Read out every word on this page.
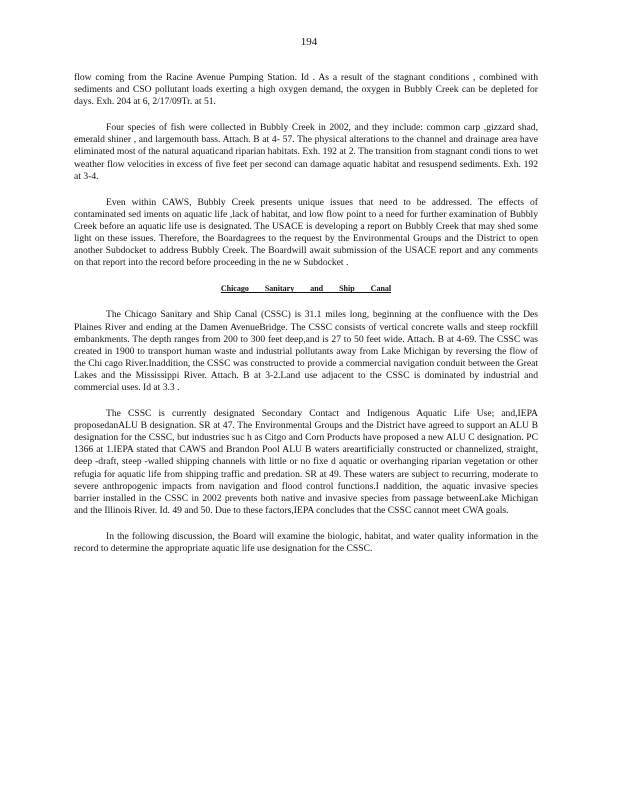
194

flow coming from the Racine Avenue Pumping Station. Id . As a result of the stagnant conditions , combined with sediments and CSO pollutant loads exerting a high oxygen demand, the oxygen in Bubbly Creek can be depleted for days. Exh. 204 at 6, 2/17/09Tr. at 51.

Four species of fish were collected in Bubbly Creek in 2002, and they include: common carp ,gizzard shad, emerald shiner , and largemouth bass. Attach. B at 4- 57. The physical alterations to the channel and drainage area have eliminated most of the natural aquaticand riparian habitats. Exh. 192 at 2. The transition from stagnant condi tions to wet weather flow velocities in excess of five feet per second can damage aquatic habitat and resuspend sediments. Exh. 192 at 3-4.

Even within CAWS, Bubbly Creek presents unique issues that need to be addressed. The effects of contaminated sed iments on aquatic life ,lack of habitat, and low flow point to a need for further examination of Bubbly Creek before an aquatic life use is designated. The USACE is developing a report on Bubbly Creek that may shed some light on these issues. Therefore, the Boardagrees to the request by the Environmental Groups and the District to open another Subdocket to address Bubbly Creek. The Boardwill await submission of the USACE report and any comments on that report into the record before proceeding in the ne w Subdocket .

Chicago Sanitary and Ship Canal

The Chicago Sanitary and Ship Canal (CSSC) is 31.1 miles long, beginning at the confluence with the Des Plaines River and ending at the Damen AvenueBridge. The CSSC consists of vertical concrete walls and steep rockfill embankments. The depth ranges from 200 to 300 feet deep,and is 27 to 50 feet wide. Attach. B at 4-69. The CSSC was created in 1900 to transport human waste and industrial pollutants away from Lake Michigan by reversing the flow of the Chi cago River.Inaddition, the CSSC was constructed to provide a commercial navigation conduit between the Great Lakes and the Mississippi River. Attach. B at 3-2.Land use adjacent to the CSSC is dominated by industrial and commercial uses. Id at 3.3 .

The CSSC is currently designated Secondary Contact and Indigenous Aquatic Life Use; and,IEPA proposedanALU B designation. SR at 47. The Environmental Groups and the District have agreed to support an ALU B designation for the CSSC, but industries suc h as Citgo and Corn Products have proposed a new ALU C designation. PC 1366 at 1.IEPA stated that CAWS and Brandon Pool ALU B waters areartificially constructed or channelized, straight, deep -draft, steep -walled shipping channels with little or no fixe d aquatic or overhanging riparian vegetation or other refugia for aquatic life from shipping traffic and predation. SR at 49. These waters are subject to recurring, moderate to severe anthropogenic impacts from navigation and flood control functions.I naddition, the aquatic invasive species barrier installed in the CSSC in 2002 prevents both native and invasive species from passage betweenLake Michigan and the Illinois River. Id. 49 and 50. Due to these factors,IEPA concludes that the CSSC cannot meet CWA goals.

In the following discussion, the Board will examine the biologic, habitat, and water quality information in the record to determine the appropriate aquatic life use designation for the CSSC.
